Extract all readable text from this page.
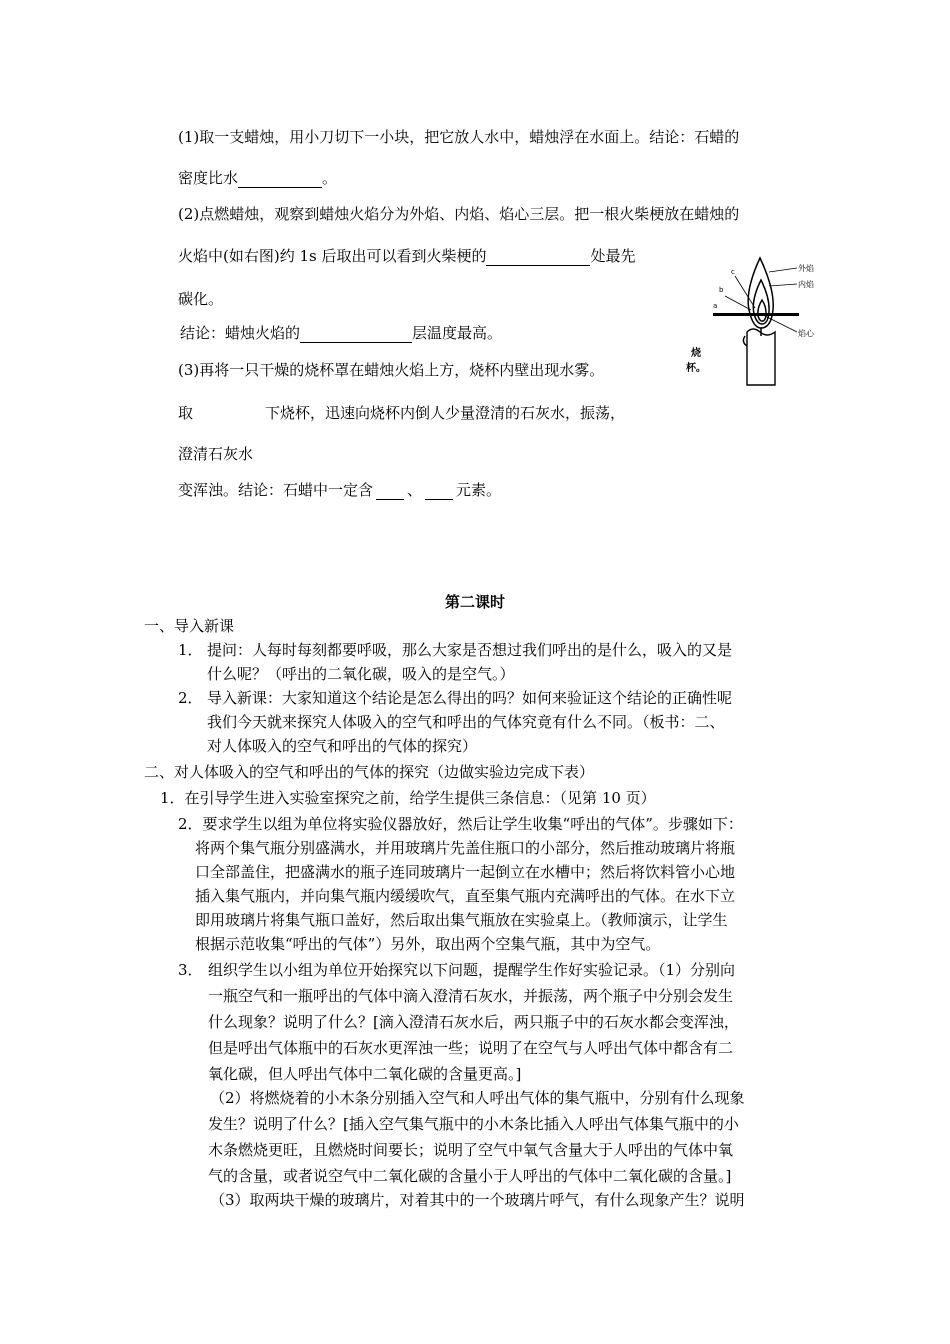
(1)取一支蜡烛，用小刀切下一小块，把它放人水中，蜡烛浮在水面上。结论：石蜡的
密度比水	。
(2)点燃蜡烛，观察到蜡烛火焰分为外焰、内焰、焰心三层。把一根火柴梗放在蜡烛的
火焰中(如右图)约 1s 后取出可以看到火柴梗的	处最先
碳化。
结论：蜡烛火焰的	层温度最高。
(3)再将一只干燥的烧杯罩在蜡烛火焰上方，烧杯内壁出现水雾。
取	下烧杯，迅速向烧杯内倒人少量澄清的石灰水，振荡，
澄清石灰水
变浑浊。结论：石蜡中一定含 、 元素。
烧
杯。
外焰
内焰
焰心
c
b
a
第二课时
一、导入新课
1． 提问：人每时每刻都要呼吸，那么大家是否想过我们呼出的是什么，吸入的又是
什么呢？（呼出的二氧化碳，吸入的是空气。）
2． 导入新课：大家知道这个结论是怎么得出的吗？如何来验证这个结论的正确性呢
我们今天就来探究人体吸入的空气和呼出的气体究竟有什么不同。（板书：二、
对人体吸入的空气和呼出的气体的探究）
二、对人体吸入的空气和呼出的气体的探究（边做实验边完成下表）
1．在引导学生进入实验室探究之前，给学生提供三条信息：（见第 10 页）
2．要求学生以组为单位将实验仪器放好，然后让学生收集“呼出的气体”。步骤如下：
将两个集气瓶分别盛满水，并用玻璃片先盖住瓶口的小部分，然后推动玻璃片将瓶
口全部盖住，把盛满水的瓶子连同玻璃片一起倒立在水槽中；然后将饮料管小心地
插入集气瓶内，并向集气瓶内缓缓吹气，直至集气瓶内充满呼出的气体。在水下立
即用玻璃片将集气瓶口盖好，然后取出集气瓶放在实验桌上。（教师演示，让学生
根据示范收集“呼出的气体”）另外，取出两个空集气瓶，其中为空气。
3． 组织学生以小组为单位开始探究以下问题，提醒学生作好实验记录。（1）分别向
一瓶空气和一瓶呼出的气体中滴入澄清石灰水，并振荡，两个瓶子中分别会发生
什么现象？说明了什么？[滴入澄清石灰水后，两只瓶子中的石灰水都会变浑浊，
但是呼出气体瓶中的石灰水更浑浊一些；说明了在空气与人呼出气体中都含有二
氧化碳，但人呼出气体中二氧化碳的含量更高。]
（2）将燃烧着的小木条分别插入空气和人呼出气体的集气瓶中，分别有什么现象
发生？说明了什么？[插入空气集气瓶中的小木条比插入人呼出气体集气瓶中的小
木条燃烧更旺，且燃烧时间要长；说明了空气中氧气含量大于人呼出的气体中氧
气的含量，或者说空气中二氧化碳的含量小于人呼出的气体中二氧化碳的含量。]
（3）取两块干燥的玻璃片，对着其中的一个玻璃片呼气，有什么现象产生？说明
